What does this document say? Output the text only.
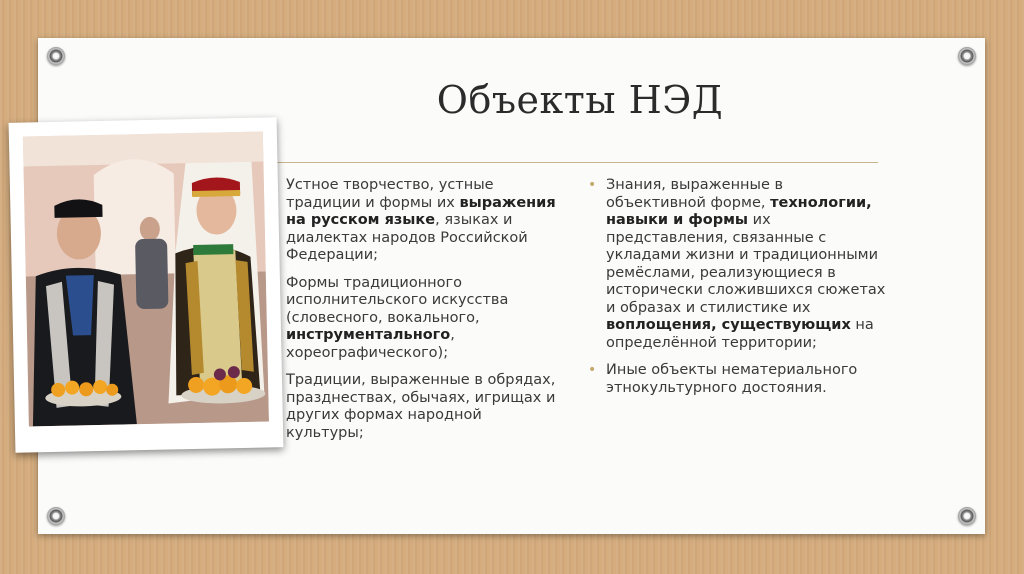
Объекты НЭД
Устное творчество, устные традиции и формы их выражения на русском языке, языках и диалектах народов Российской Федерации;
Формы традиционного исполнительского искусства (словесного, вокального, инструментального, хореографического);
Традиции, выраженные в обрядах, празднествах, обычаях, игрищах и других формах народной культуры;
• Знания, выраженные в объективной форме, технологии, навыки и формы их представления, связанные с укладами жизни и традиционными ремёслами, реализующиеся в исторически сложившихся сюжетах и образах и стилистике их воплощения, существующих на определённой территории;
• Иные объекты нематериального этнокультурного достояния.
